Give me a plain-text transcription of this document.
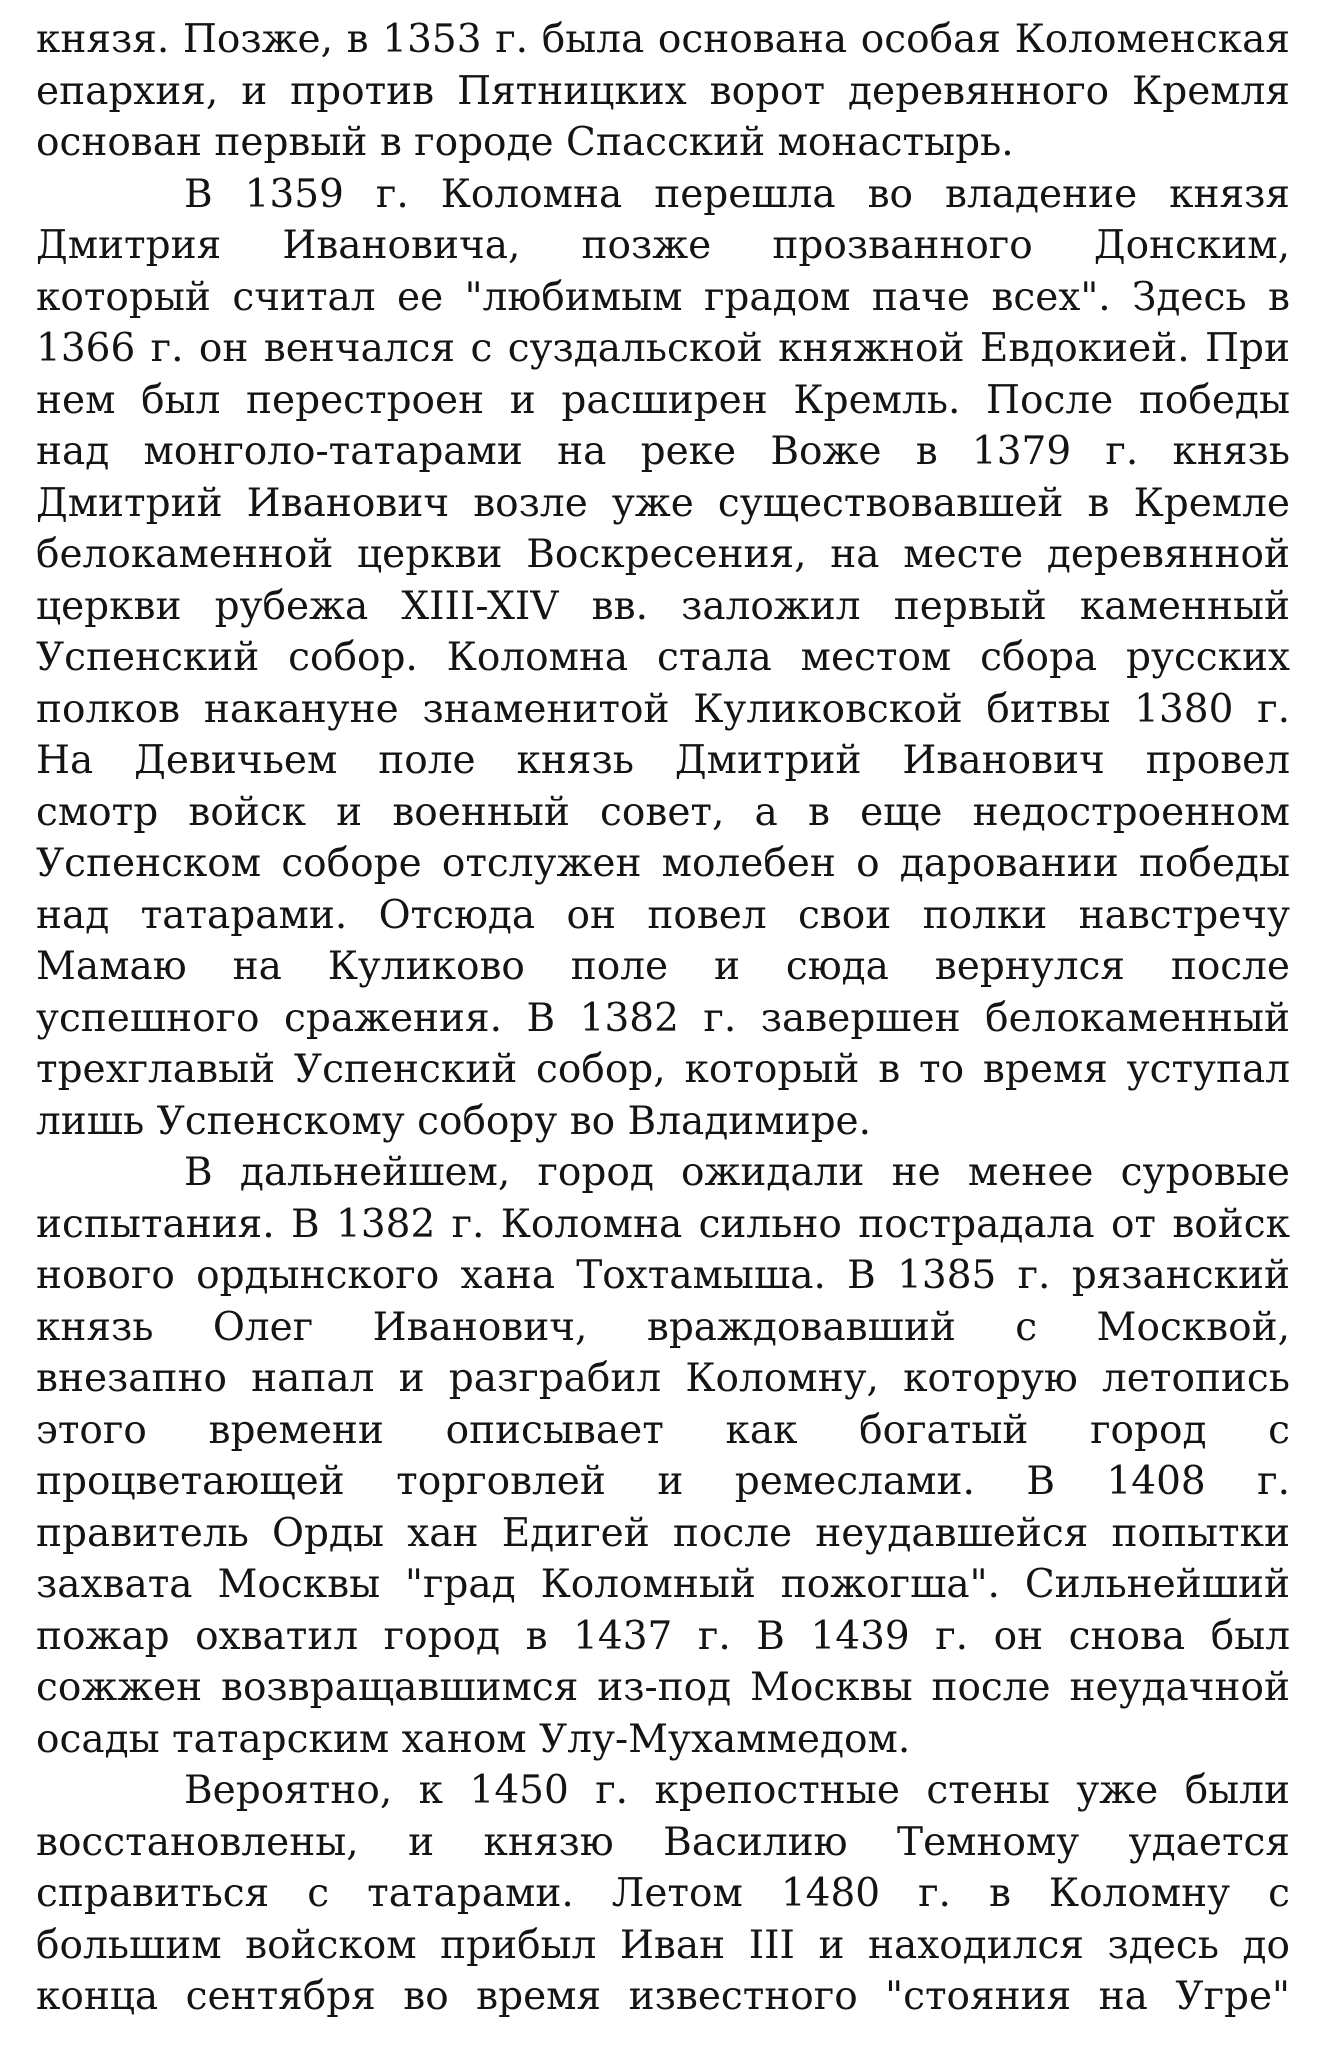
князя. Позже, в 1353 г. была основана особая Коломенская
епархия, и против Пятницких ворот деревянного Кремля
основан первый в городе Спасский монастырь.
В 1359 г. Коломна перешла во владение князя
Дмитрия Ивановича, позже прозванного Донским,
который считал ее "любимым градом паче всех". Здесь в
1366 г. он венчался с суздальской княжной Евдокией. При
нем был перестроен и расширен Кремль. После победы
над монголо-татарами на реке Воже в 1379 г. князь
Дмитрий Иванович возле уже существовавшей в Кремле
белокаменной церкви Воскресения, на месте деревянной
церкви рубежа XIII-XIV вв. заложил первый каменный
Успенский собор. Коломна стала местом сбора русских
полков накануне знаменитой Куликовской битвы 1380 г.
На Девичьем поле князь Дмитрий Иванович провел
смотр войск и военный совет, а в еще недостроенном
Успенском соборе отслужен молебен о даровании победы
над татарами. Отсюда он повел свои полки навстречу
Мамаю на Куликово поле и сюда вернулся после
успешного сражения. В 1382 г. завершен белокаменный
трехглавый Успенский собор, который в то время уступал
лишь Успенскому собору во Владимире.
В дальнейшем, город ожидали не менее суровые
испытания. В 1382 г. Коломна сильно пострадала от войск
нового ордынского хана Тохтамыша. В 1385 г. рязанский
князь Олег Иванович, враждовавший с Москвой,
внезапно напал и разграбил Коломну, которую летопись
этого времени описывает как богатый город с
процветающей торговлей и ремеслами. В 1408 г.
правитель Орды хан Едигей после неудавшейся попытки
захвата Москвы "град Коломный пожогша". Сильнейший
пожар охватил город в 1437 г. В 1439 г. он снова был
сожжен возвращавшимся из-под Москвы после неудачной
осады татарским ханом Улу-Мухаммедом.
Вероятно, к 1450 г. крепостные стены уже были
восстановлены, и князю Василию Темному удается
справиться с татарами. Летом 1480 г. в Коломну с
большим войском прибыл Иван III и находился здесь до
конца сентября во время известного "стояния на Угре"
